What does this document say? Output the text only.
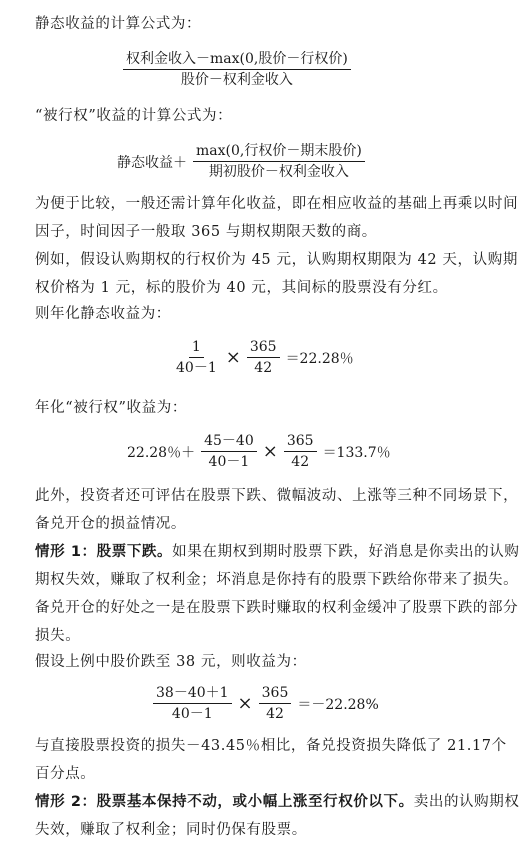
静态收益的计算公式为：
$\frac{\text{权利金收入－max(0,股价－行权价)}}{\text{股价－权利金收入}}$
“被行权”收益的计算公式为：
静态收益＋ $\frac{\text{max(0,行权价－期末股价)}}{\text{期初股价－权利金收入}}$

为便于比较，一般还需计算年化收益，即在相应收益的基础上再乘以时间因子，时间因子一般取 365 与期权期限天数的商。

例如，假设认购期权的行权价为 45 元，认购期权期限为 42 天，认购期权价格为 1 元，标的股价为 40 元，其间标的股票没有分红。

则年化静态收益为：
$\frac{1}{40-1} \times \frac{365}{42} =22.28$％
年化“被行权”收益为：
22.28％＋ $\frac{45-40}{40-1} \times \frac{365}{42} =133.7$％

此外，投资者还可评估在股票下跌、微幅波动、上涨等三种不同场景下，备兑开仓的损益情况。

情形 1：股票下跌。如果在期权到期时股票下跌，好消息是你卖出的认购期权失效，赚取了权利金；坏消息是你持有的股票下跌给你带来了损失。备兑开仓的好处之一是在股票下跌时赚取的权利金缓冲了股票下跌的部分损失。

假设上例中股价跌至 38 元，则收益为：
$\frac{38-40+1}{40-1} \times \frac{365}{42} =-22.28\%$

与直接股票投资的损失－43.45％相比，备兑投资损失降低了 21.17个百分点。

情形 2：股票基本保持不动，或小幅上涨至行权价以下。卖出的认购期权失效，赚取了权利金；同时仍保有股票。
